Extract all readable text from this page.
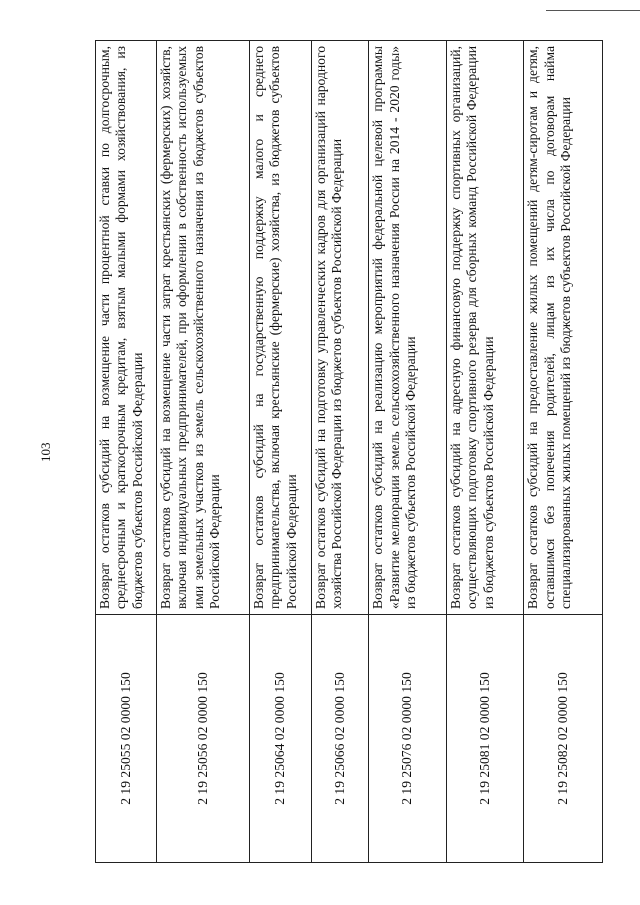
103
2 19 25055 02 0000 150	Возврат остатков субсидий на возмещение части процентной ставки по долгосрочным, среднесрочным и краткосрочным кредитам, взятым малыми формами хозяйствования, из бюджетов субъектов Российской Федерации
2 19 25056 02 0000 150	Возврат остатков субсидий на возмещение части затрат крестьянских (фермерских) хозяйств, включая индивидуальных предпринимателей, при оформлении в собственность используемых ими земельных участков из земель сельскохозяйственного назначения из бюджетов субъектов Российской Федерации
2 19 25064 02 0000 150	Возврат остатков субсидий на государственную поддержку малого и среднего предпринимательства, включая крестьянские (фермерские) хозяйства, из бюджетов субъектов Российской Федерации
2 19 25066 02 0000 150	Возврат остатков субсидий на подготовку управленческих кадров для организаций народного хозяйства Российской Федерации из бюджетов субъектов Российской Федерации
2 19 25076 02 0000 150	Возврат остатков субсидий на реализацию мероприятий федеральной целевой программы «Развитие мелиорации земель сельскохозяйственного назначения России на 2014 - 2020 годы» из бюджетов субъектов Российской Федерации
2 19 25081 02 0000 150	Возврат остатков субсидий на адресную финансовую поддержку спортивных организаций, осуществляющих подготовку спортивного резерва для сборных команд Российской Федерации из бюджетов субъектов Российской Федерации
2 19 25082 02 0000 150	Возврат остатков субсидий на предоставление жилых помещений детям-сиротам и детям, оставшимся без попечения родителей, лицам из их числа по договорам найма специализированных жилых помещений из бюджетов субъектов Российской Федерации
